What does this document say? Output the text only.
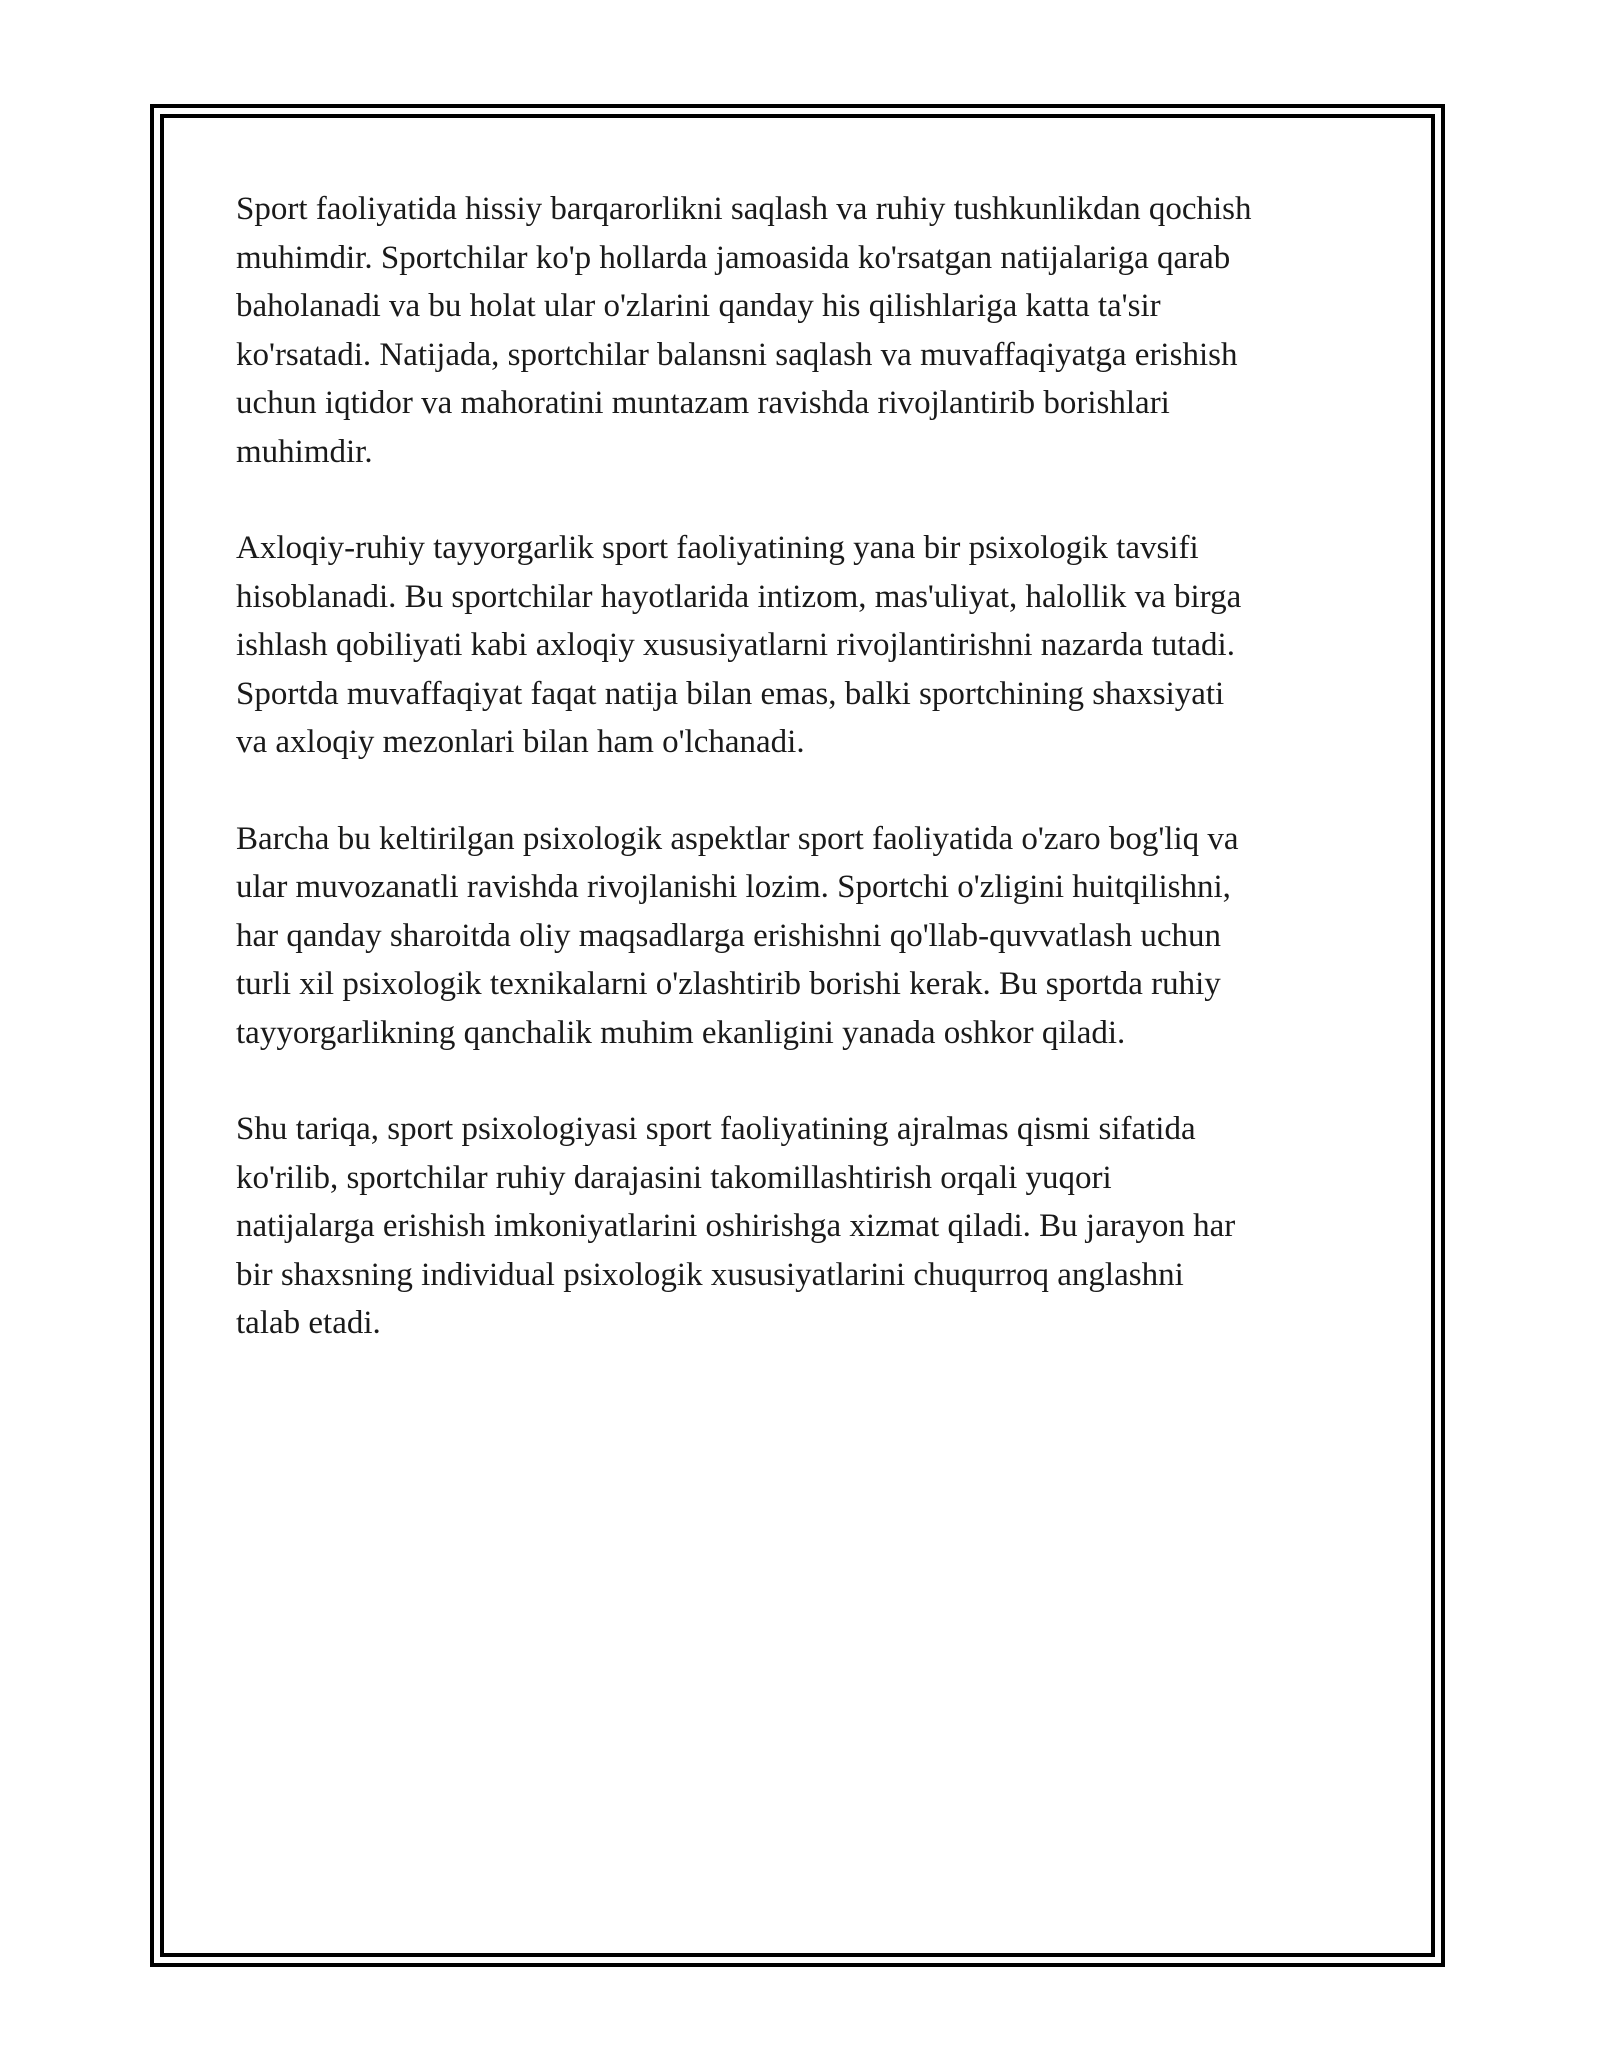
Sport faoliyatida hissiy barqarorlikni saqlash va ruhiy tushkunlikdan qochish
muhimdir. Sportchilar ko'p hollarda jamoasida ko'rsatgan natijalariga qarab
baholanadi va bu holat ular o'zlarini qanday his qilishlariga katta ta'sir
ko'rsatadi. Natijada, sportchilar balansni saqlash va muvaffaqiyatga erishish
uchun iqtidor va mahoratini muntazam ravishda rivojlantirib borishlari
muhimdir.

Axloqiy-ruhiy tayyorgarlik sport faoliyatining yana bir psixologik tavsifi
hisoblanadi. Bu sportchilar hayotlarida intizom, mas'uliyat, halollik va birga
ishlash qobiliyati kabi axloqiy xususiyatlarni rivojlantirishni nazarda tutadi.
Sportda muvaffaqiyat faqat natija bilan emas, balki sportchining shaxsiyati
va axloqiy mezonlari bilan ham o'lchanadi.

Barcha bu keltirilgan psixologik aspektlar sport faoliyatida o'zaro bog'liq va
ular muvozanatli ravishda rivojlanishi lozim. Sportchi o'zligini huitqilishni,
har qanday sharoitda oliy maqsadlarga erishishni qo'llab-quvvatlash uchun
turli xil psixologik texnikalarni o'zlashtirib borishi kerak. Bu sportda ruhiy
tayyorgarlikning qanchalik muhim ekanligini yanada oshkor qiladi.

Shu tariqa, sport psixologiyasi sport faoliyatining ajralmas qismi sifatida
ko'rilib, sportchilar ruhiy darajasini takomillashtirish orqali yuqori
natijalarga erishish imkoniyatlarini oshirishga xizmat qiladi. Bu jarayon har
bir shaxsning individual psixologik xususiyatlarini chuqurroq anglashni
talab etadi.
